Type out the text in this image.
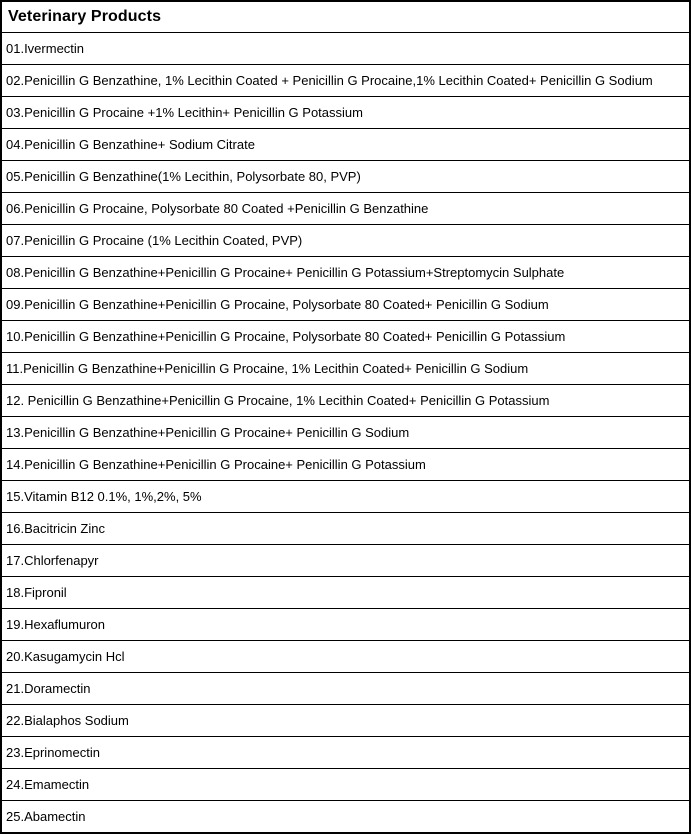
Veterinary Products
01.Ivermectin
02.Penicillin G Benzathine, 1% Lecithin Coated + Penicillin G Procaine,1% Lecithin Coated+ Penicillin G Sodium
03.Penicillin G Procaine +1% Lecithin+ Penicillin G Potassium
04.Penicillin G Benzathine+ Sodium Citrate
05.Penicillin G Benzathine(1% Lecithin, Polysorbate 80, PVP)
06.Penicillin G Procaine, Polysorbate 80 Coated +Penicillin G Benzathine
07.Penicillin G Procaine (1% Lecithin Coated, PVP)
08.Penicillin G Benzathine+Penicillin G Procaine+ Penicillin G Potassium+Streptomycin Sulphate
09.Penicillin G Benzathine+Penicillin G Procaine, Polysorbate 80 Coated+ Penicillin G Sodium
10.Penicillin G Benzathine+Penicillin G Procaine, Polysorbate 80 Coated+ Penicillin G Potassium
11.Penicillin G Benzathine+Penicillin G Procaine, 1% Lecithin Coated+ Penicillin G Sodium
12. Penicillin G Benzathine+Penicillin G Procaine, 1% Lecithin Coated+ Penicillin G Potassium
13.Penicillin G Benzathine+Penicillin G Procaine+ Penicillin G Sodium
14.Penicillin G Benzathine+Penicillin G Procaine+ Penicillin G Potassium
15.Vitamin B12 0.1%, 1%,2%, 5%
16.Bacitricin Zinc
17.Chlorfenapyr
18.Fipronil
19.Hexaflumuron
20.Kasugamycin Hcl
21.Doramectin
22.Bialaphos Sodium
23.Eprinomectin
24.Emamectin
25.Abamectin
